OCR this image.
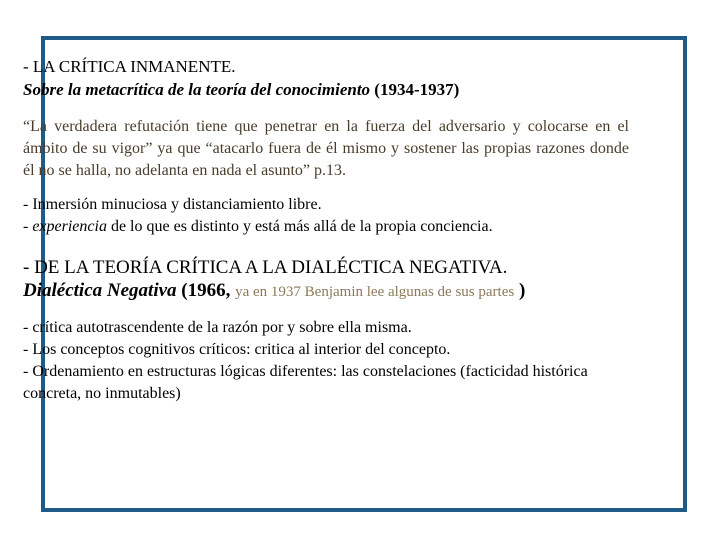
- LA CRÍTICA INMANENTE.

Sobre la metacrítica de la teoría del conocimiento (1934-1937)

“La verdadera refutación tiene que penetrar en la fuerza del adversario y colocarse en el ámbito de su vigor” ya que “atacarlo fuera de él mismo y sostener las propias razones donde él no se halla, no adelanta en nada el asunto” p.13.

- Inmersión minuciosa y distanciamiento libre.

- experiencia de lo que es distinto y está más allá de la propia conciencia.

- DE LA TEORÍA CRÍTICA A LA DIALÉCTICA NEGATIVA.

Dialéctica Negativa (1966, ya en 1937 Benjamin lee algunas de sus partes )

- crítica autotrascendente de la razón por y sobre ella misma.

- Los conceptos cognitivos críticos: critica al interior del concepto.

- Ordenamiento en estructuras lógicas diferentes: las constelaciones (facticidad histórica concreta, no inmutables)
